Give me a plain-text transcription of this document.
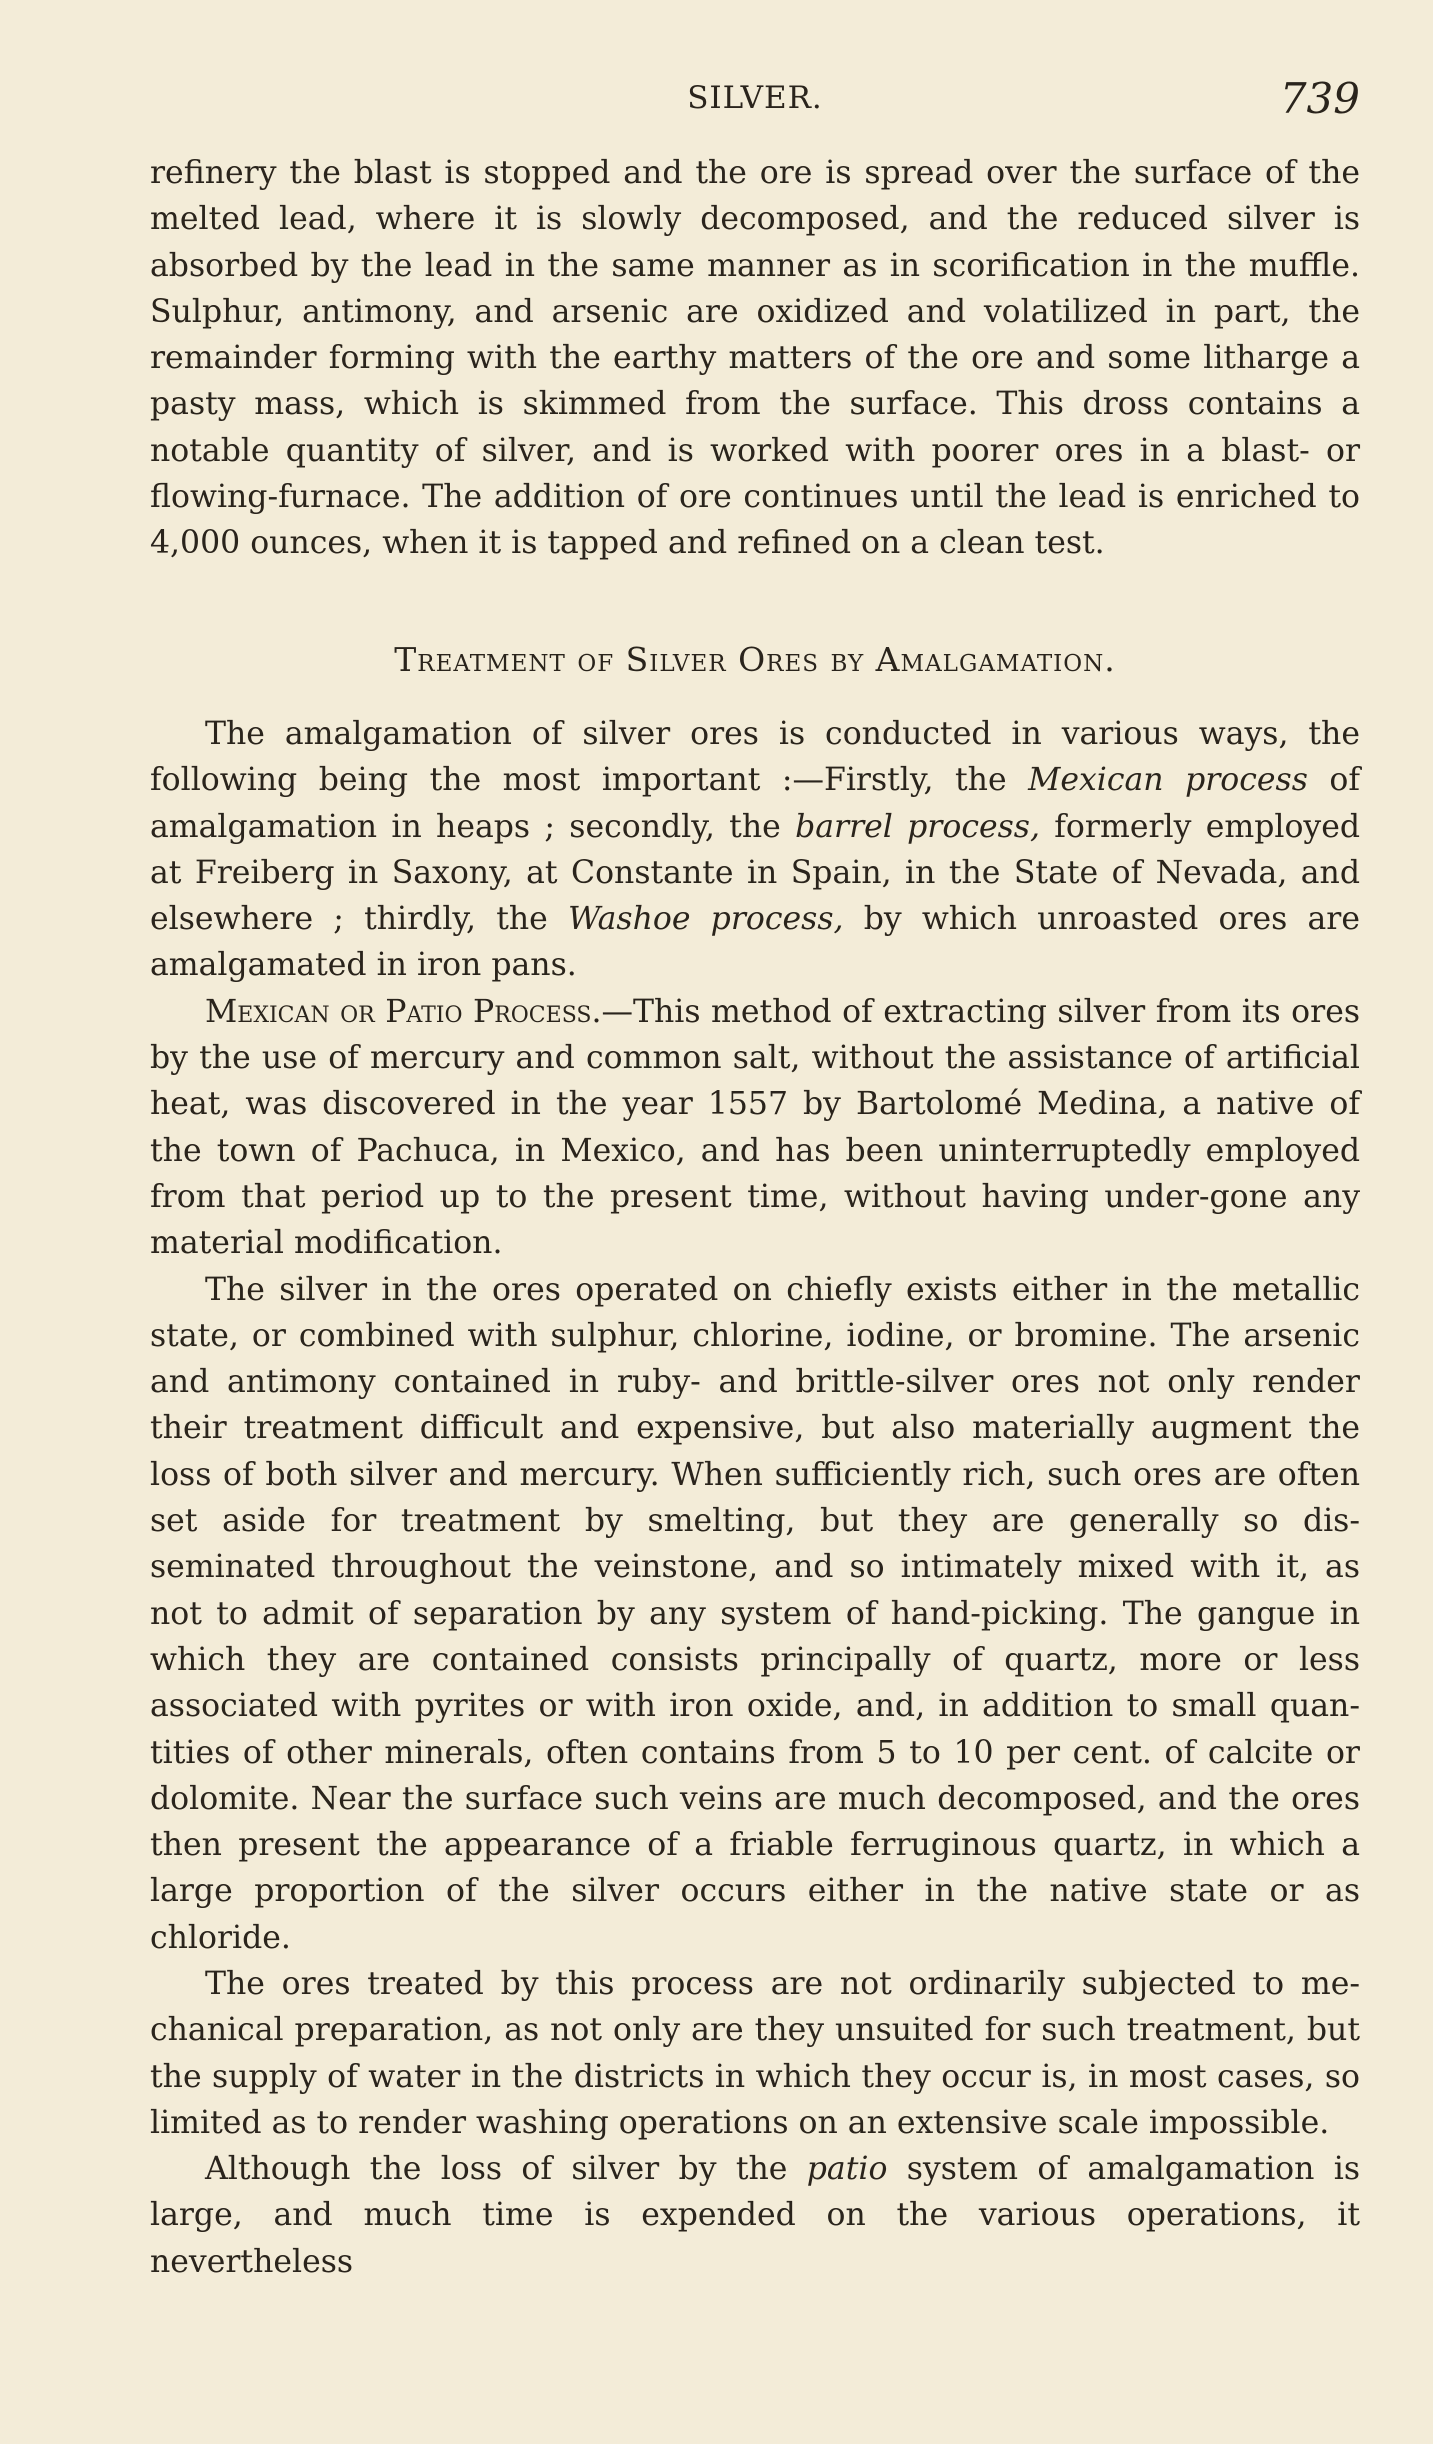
SILVER.	739

refinery the blast is stopped and the ore is spread over the surface of the melted lead, where it is slowly decomposed, and the reduced silver is absorbed by the lead in the same manner as in scorification in the muffle. Sulphur, antimony, and arsenic are oxidized and volatilized in part, the remainder forming with the earthy matters of the ore and some litharge a pasty mass, which is skimmed from the surface. This dross contains a notable quantity of silver, and is worked with poorer ores in a blast- or flowing-furnace. The addition of ore continues until the lead is enriched to 4,000 ounces, when it is tapped and refined on a clean test.

Treatment of Silver Ores by Amalgamation.

The amalgamation of silver ores is conducted in various ways, the following being the most important :—Firstly, the Mexican process of amalgamation in heaps ; secondly, the barrel process, formerly employed at Freiberg in Saxony, at Constante in Spain, in the State of Nevada, and elsewhere ; thirdly, the Washoe process, by which unroasted ores are amalgamated in iron pans.

Mexican or Patio Process.—This method of extracting silver from its ores by the use of mercury and common salt, without the assistance of artificial heat, was discovered in the year 1557 by Bartolomé Medina, a native of the town of Pachuca, in Mexico, and has been uninterruptedly employed from that period up to the present time, without having under-gone any material modification.

The silver in the ores operated on chiefly exists either in the metallic state, or combined with sulphur, chlorine, iodine, or bromine. The arsenic and antimony contained in ruby- and brittle-silver ores not only render their treatment difficult and expensive, but also materially augment the loss of both silver and mercury. When sufficiently rich, such ores are often set aside for treatment by smelting, but they are generally so dis-seminated throughout the veinstone, and so intimately mixed with it, as not to admit of separation by any system of hand-picking. The gangue in which they are contained consists principally of quartz, more or less associated with pyrites or with iron oxide, and, in addition to small quan-tities of other minerals, often contains from 5 to 10 per cent. of calcite or dolomite. Near the surface such veins are much decomposed, and the ores then present the appearance of a friable ferruginous quartz, in which a large proportion of the silver occurs either in the native state or as chloride.

The ores treated by this process are not ordinarily subjected to me-chanical preparation, as not only are they unsuited for such treatment, but the supply of water in the districts in which they occur is, in most cases, so limited as to render washing operations on an extensive scale impossible.

Although the loss of silver by the patio system of amalgamation is large, and much time is expended on the various operations, it nevertheless
